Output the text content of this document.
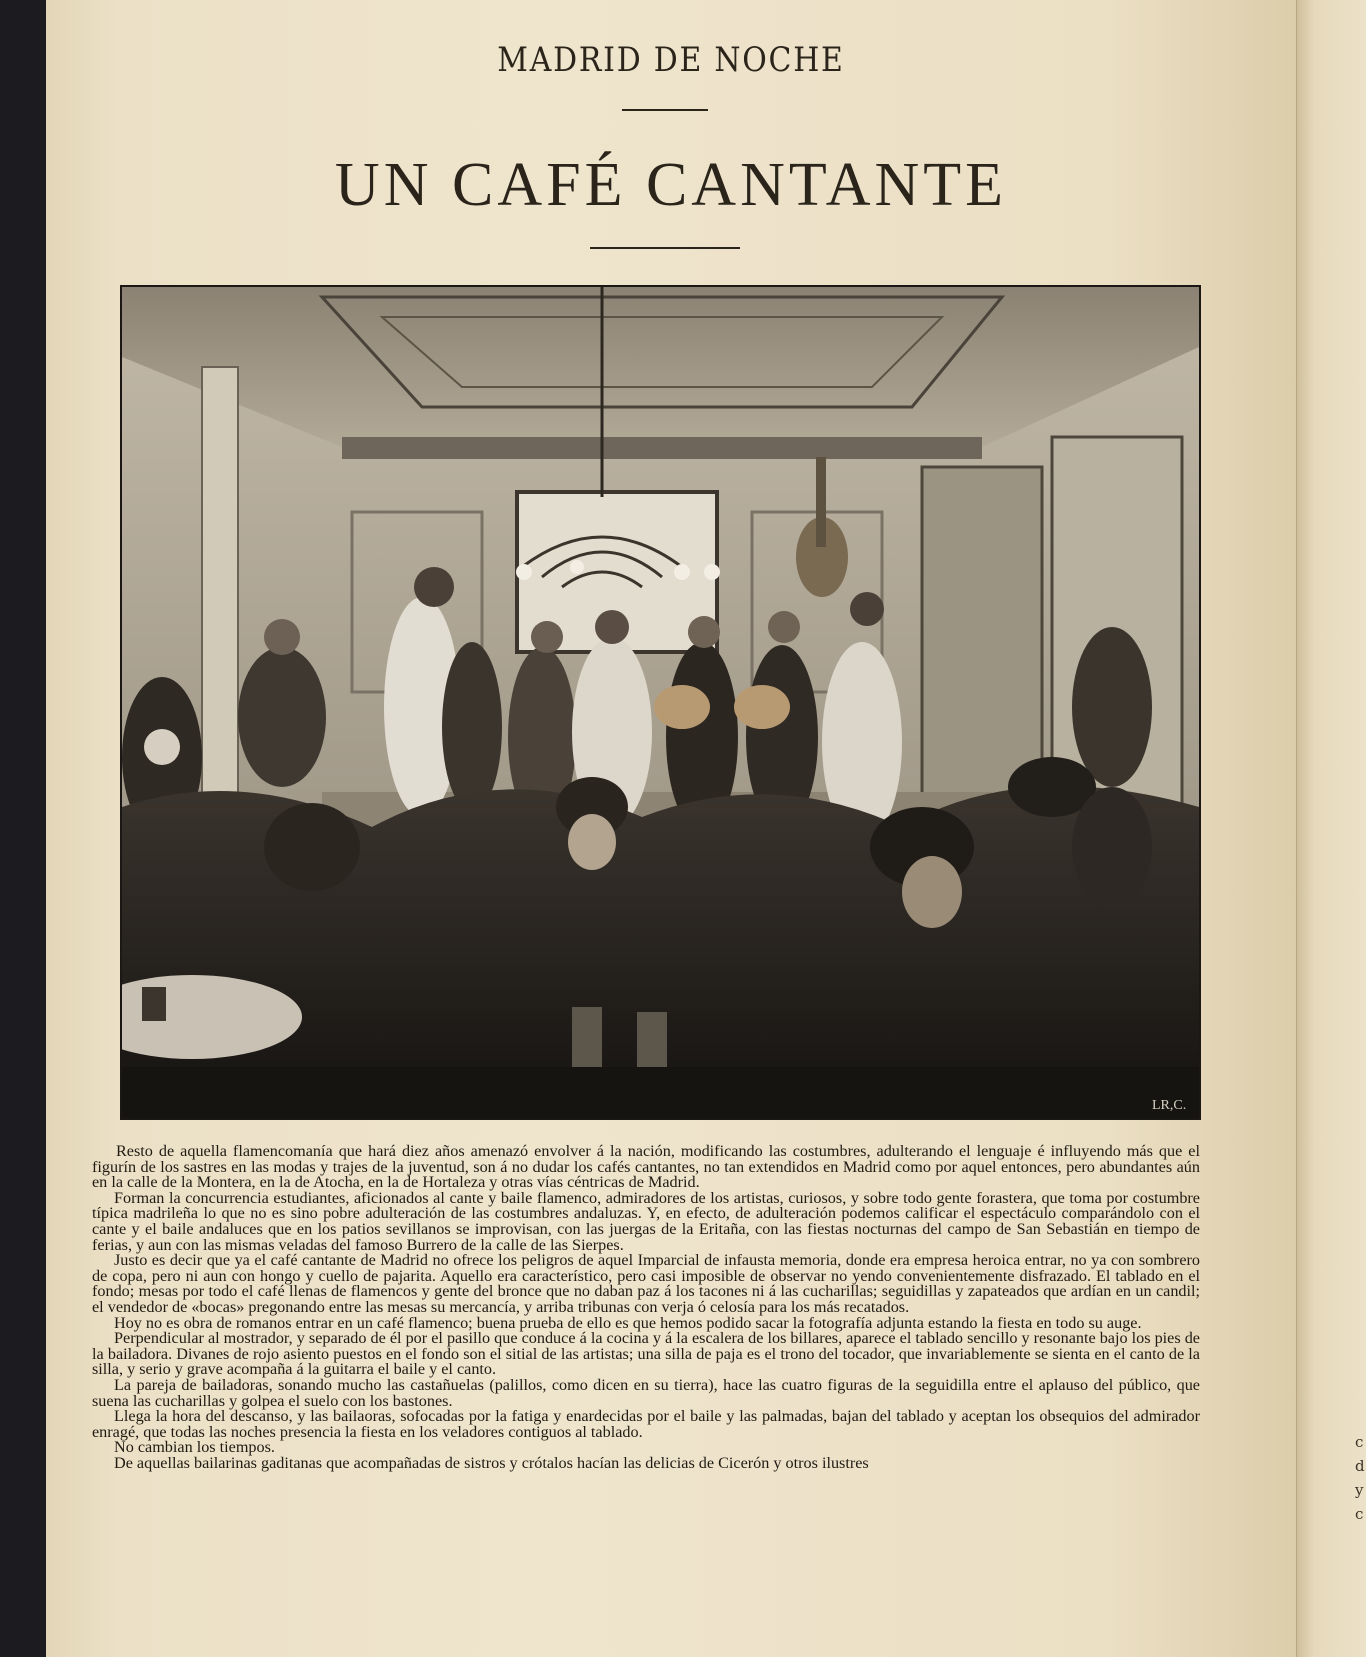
c
d
y
c
MADRID DE NOCHE
UN CAFÉ CANTANTE
LR,C.

Resto de aquella flamencomanía que hará diez años amenazó envolver á la nación, modificando las costumbres, adulterando el lenguaje é influyendo más que el figurín de los sastres en las modas y trajes de la juventud, son á no dudar los cafés cantantes, no tan extendidos en Madrid como por aquel entonces, pero abundantes aún en la calle de la Montera, en la de Atocha, en la de Hortaleza y otras vías céntricas de Madrid.

Forman la concurrencia estudiantes, aficionados al cante y baile flamenco, admiradores de los artistas, curiosos, y sobre todo gente forastera, que toma por costumbre típica madrileña lo que no es sino pobre adulteración de las costumbres andaluzas. Y, en efecto, de adulteración podemos calificar el espectáculo comparándolo con el cante y el baile andaluces que en los patios sevillanos se improvisan, con las juergas de la Eritaña, con las fiestas nocturnas del campo de San Sebastián en tiempo de ferias, y aun con las mismas veladas del famoso Burrero de la calle de las Sierpes.

Justo es decir que ya el café cantante de Madrid no ofrece los peligros de aquel Imparcial de infausta memoria, donde era empresa heroica entrar, no ya con sombrero de copa, pero ni aun con hongo y cuello de pajarita. Aquello era característico, pero casi imposible de observar no yendo convenientemente disfrazado. El tablado en el fondo; mesas por todo el café llenas de flamencos y gente del bronce que no daban paz á los tacones ni á las cucharillas; seguidillas y zapateados que ardían en un candil; el vendedor de «bocas» pregonando entre las mesas su mercancía, y arriba tribunas con verja ó celosía para los más recatados.

Hoy no es obra de romanos entrar en un café flamenco; buena prueba de ello es que hemos podido sacar la fotografía adjunta estando la fiesta en todo su auge.

Perpendicular al mostrador, y separado de él por el pasillo que conduce á la cocina y á la escalera de los billares, aparece el tablado sencillo y resonante bajo los pies de la bailadora. Divanes de rojo asiento puestos en el fondo son el sitial de las artistas; una silla de paja es el trono del tocador, que invariablemente se sienta en el canto de la silla, y serio y grave acompaña á la guitarra el baile y el canto.

La pareja de bailadoras, sonando mucho las castañuelas (palillos, como dicen en su tierra), hace las cuatro figuras de la seguidilla entre el aplauso del público, que suena las cucharillas y golpea el suelo con los bastones.

Llega la hora del descanso, y las bailaoras, sofocadas por la fatiga y enardecidas por el baile y las palmadas, bajan del tablado y aceptan los obsequios del admirador enragé, que todas las noches presencia la fiesta en los veladores contiguos al tablado.

No cambian los tiempos.

De aquellas bailarinas gaditanas que acompañadas de sistros y crótalos hacían las delicias de Cicerón y otros ilustres
